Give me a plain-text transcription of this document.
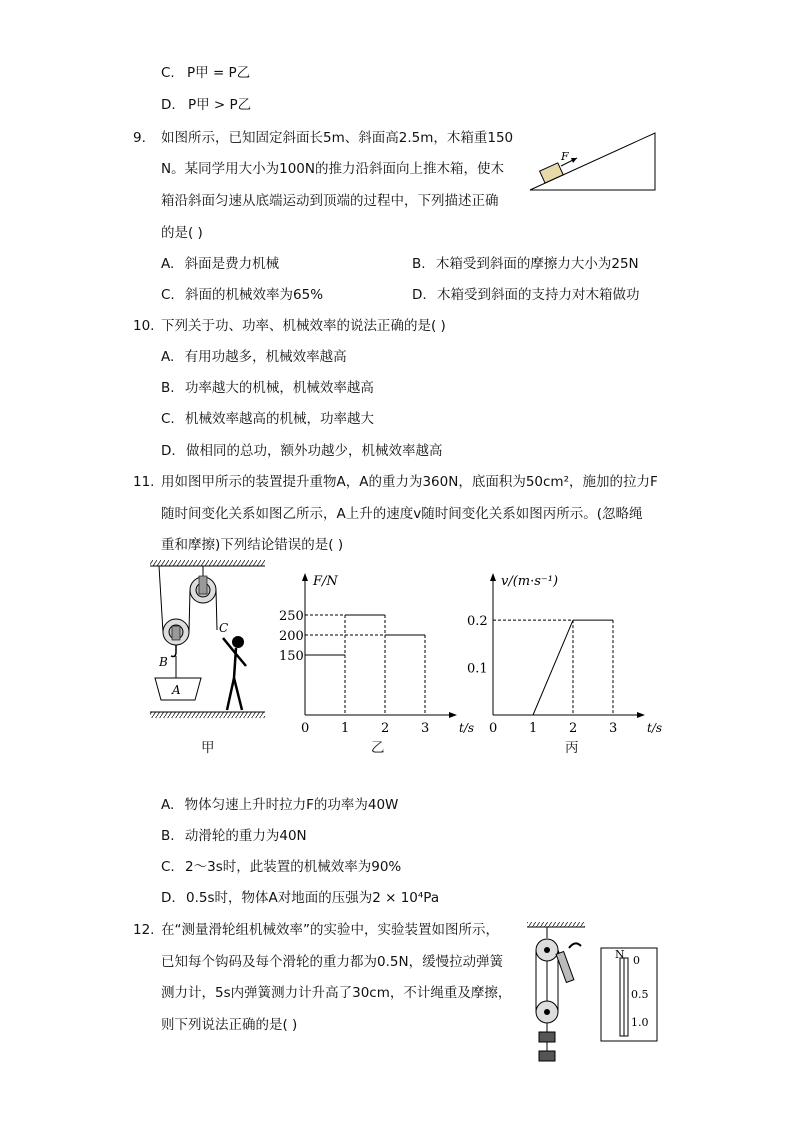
C. P甲 = P乙
D. P甲 > P乙
9. 如图所示，已知固定斜面长5m、斜面高2.5m，木箱重150
N。某同学用大小为100N的推力沿斜面向上推木箱，使木
箱沿斜面匀速从底端运动到顶端的过程中，下列描述正确
的是( )
F
A. 斜面是费力机械	B. 木箱受到斜面的摩擦力大小为25N
C. 斜面的机械效率为65%	D. 木箱受到斜面的支持力对木箱做功
10. 下列关于功、功率、机械效率的说法正确的是( )
A. 有用功越多，机械效率越高
B. 功率越大的机械，机械效率越高
C. 机械效率越高的机械，功率越大
D. 做相同的总功，额外功越少，机械效率越高
11. 用如图甲所示的装置提升重物A，A的重力为360N，底面积为50cm²，施加的拉力F
随时间变化关系如图乙所示，A上升的速度v随时间变化关系如图丙所示。(忽略绳
重和摩擦)下列结论错误的是( )
C
B
A
F/N
t/s
0 1 2 3
150
200
250
v/(m·s⁻¹)
t/s
0 1 2 3
0.1
0.2
甲	乙	丙
A. 物体匀速上升时拉力F的功率为40W
B. 动滑轮的重力为40N
C. 2～3s时，此装置的机械效率为90%
D. 0.5s时，物体A对地面的压强为2 × 10⁴Pa
12. 在“测量滑轮组机械效率”的实验中，实验装置如图所示，
已知每个钩码及每个滑轮的重力都为0.5N，缓慢拉动弹簧
测力计，5s内弹簧测力计升高了30cm，不计绳重及摩擦，
则下列说法正确的是( )
N 0
0.5
1.0
